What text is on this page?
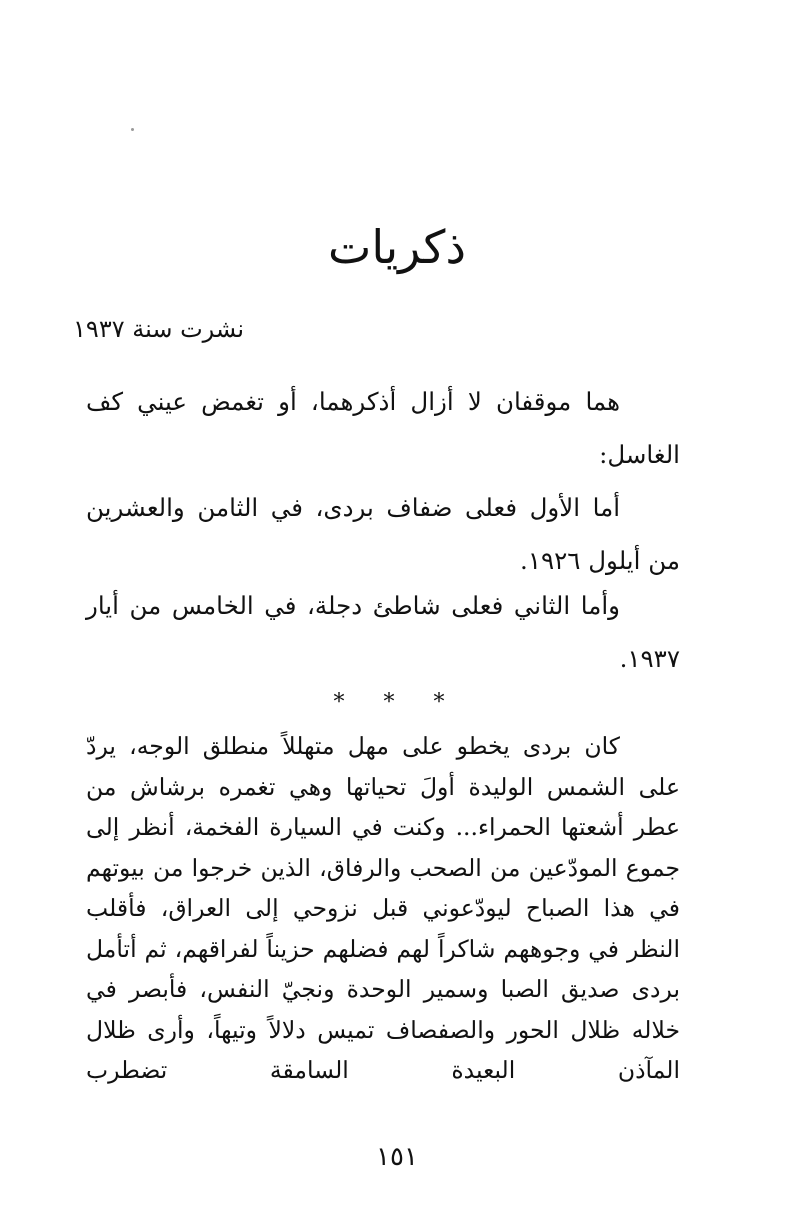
ذكريات
نشرت سنة ١٩٣٧

هما موقفان لا أزال أذكرهما، أو تغمض عيني كف الغاسل:

أما الأول فعلى ضفاف بردى، في الثامن والعشرين من أيلول ١٩٢٦.

وأما الثاني فعلى شاطئ دجلة، في الخامس من أيار ١٩٣٧.

* * *

كان بردى يخطو على مهل متهللاً منطلق الوجه، يردّ على الشمس الوليدة أولَ تحياتها وهي تغمره برشاش من عطر أشعتها الحمراء... وكنت في السيارة الفخمة، أنظر إلى جموع المودّعين من الصحب والرفاق، الذين خرجوا من بيوتهم في هذا الصباح ليودّعوني قبل نزوحي إلى العراق، فأقلب النظر في وجوههم شاكراً لهم فضلهم حزيناً لفراقهم، ثم أتأمل بردى صديق الصبا وسمير الوحدة ونجيّ النفس، فأبصر في خلاله ظلال الحور والصفصاف تميس دلالاً وتيهاً، وأرى ظلال المآذن البعيدة السامقة تضطرب

١٥١
